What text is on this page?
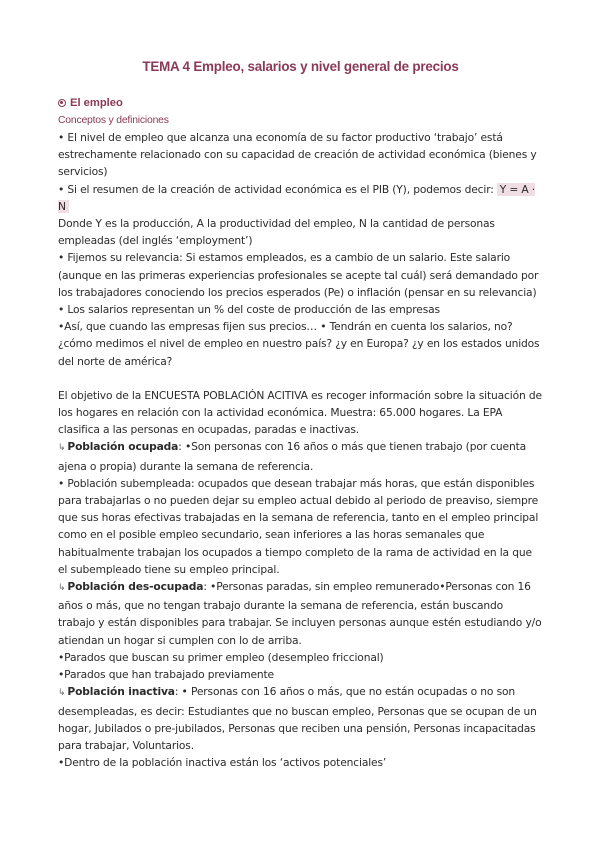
TEMA 4 Empleo, salarios y nivel general de precios
El empleo
Conceptos y definiciones

• El nivel de empleo que alcanza una economía de su factor productivo ‘trabajo’ está estrechamente relacionado con su capacidad de creación de actividad económica (bienes y servicios)

• Si el resumen de la creación de actividad económica es el PIB (Y), podemos decir: Y = A · N

Donde Y es la producción, A la productividad del empleo, N la cantidad de personas empleadas (del inglés ‘employment’)

• Fijemos su relevancia: Si estamos empleados, es a cambio de un salario. Este salario (aunque en las primeras experiencias profesionales se acepte tal cuál) será demandado por los trabajadores conociendo los precios esperados (Pe) o inflación (pensar en su relevancia)

• Los salarios representan un % del coste de producción de las empresas

•Así, que cuando las empresas fijen sus precios… • Tendrán en cuenta los salarios, no? ¿cómo medimos el nivel de empleo en nuestro país? ¿y en Europa? ¿y en los estados unidos del norte de américa?

El objetivo de la ENCUESTA POBLACIÓN ACITIVA es recoger información sobre la situación de los hogares en relación con la actividad económica. Muestra: 65.000 hogares. La EPA clasifica a las personas en ocupadas, paradas e inactivas.

↳ Población ocupada: •Son personas con 16 años o más que tienen trabajo (por cuenta ajena o propia) durante la semana de referencia.

• Población subempleada: ocupados que desean trabajar más horas, que están disponibles para trabajarlas o no pueden dejar su empleo actual debido al periodo de preaviso, siempre que sus horas efectivas trabajadas en la semana de referencia, tanto en el empleo principal como en el posible empleo secundario, sean inferiores a las horas semanales que habitualmente trabajan los ocupados a tiempo completo de la rama de actividad en la que el subempleado tiene su empleo principal.

↳ Población des-ocupada: •Personas paradas, sin empleo remunerado•Personas con 16 años o más, que no tengan trabajo durante la semana de referencia, están buscando trabajo y están disponibles para trabajar. Se incluyen personas aunque estén estudiando y/o atiendan un hogar si cumplen con lo de arriba.

•Parados que buscan su primer empleo (desempleo friccional)

•Parados que han trabajado previamente

↳ Población inactiva: • Personas con 16 años o más, que no están ocupadas o no son desempleadas, es decir: Estudiantes que no buscan empleo, Personas que se ocupan de un hogar, Jubilados o pre-jubilados, Personas que reciben una pensión, Personas incapacitadas para trabajar, Voluntarios.

•Dentro de la población inactiva están los ‘activos potenciales’
